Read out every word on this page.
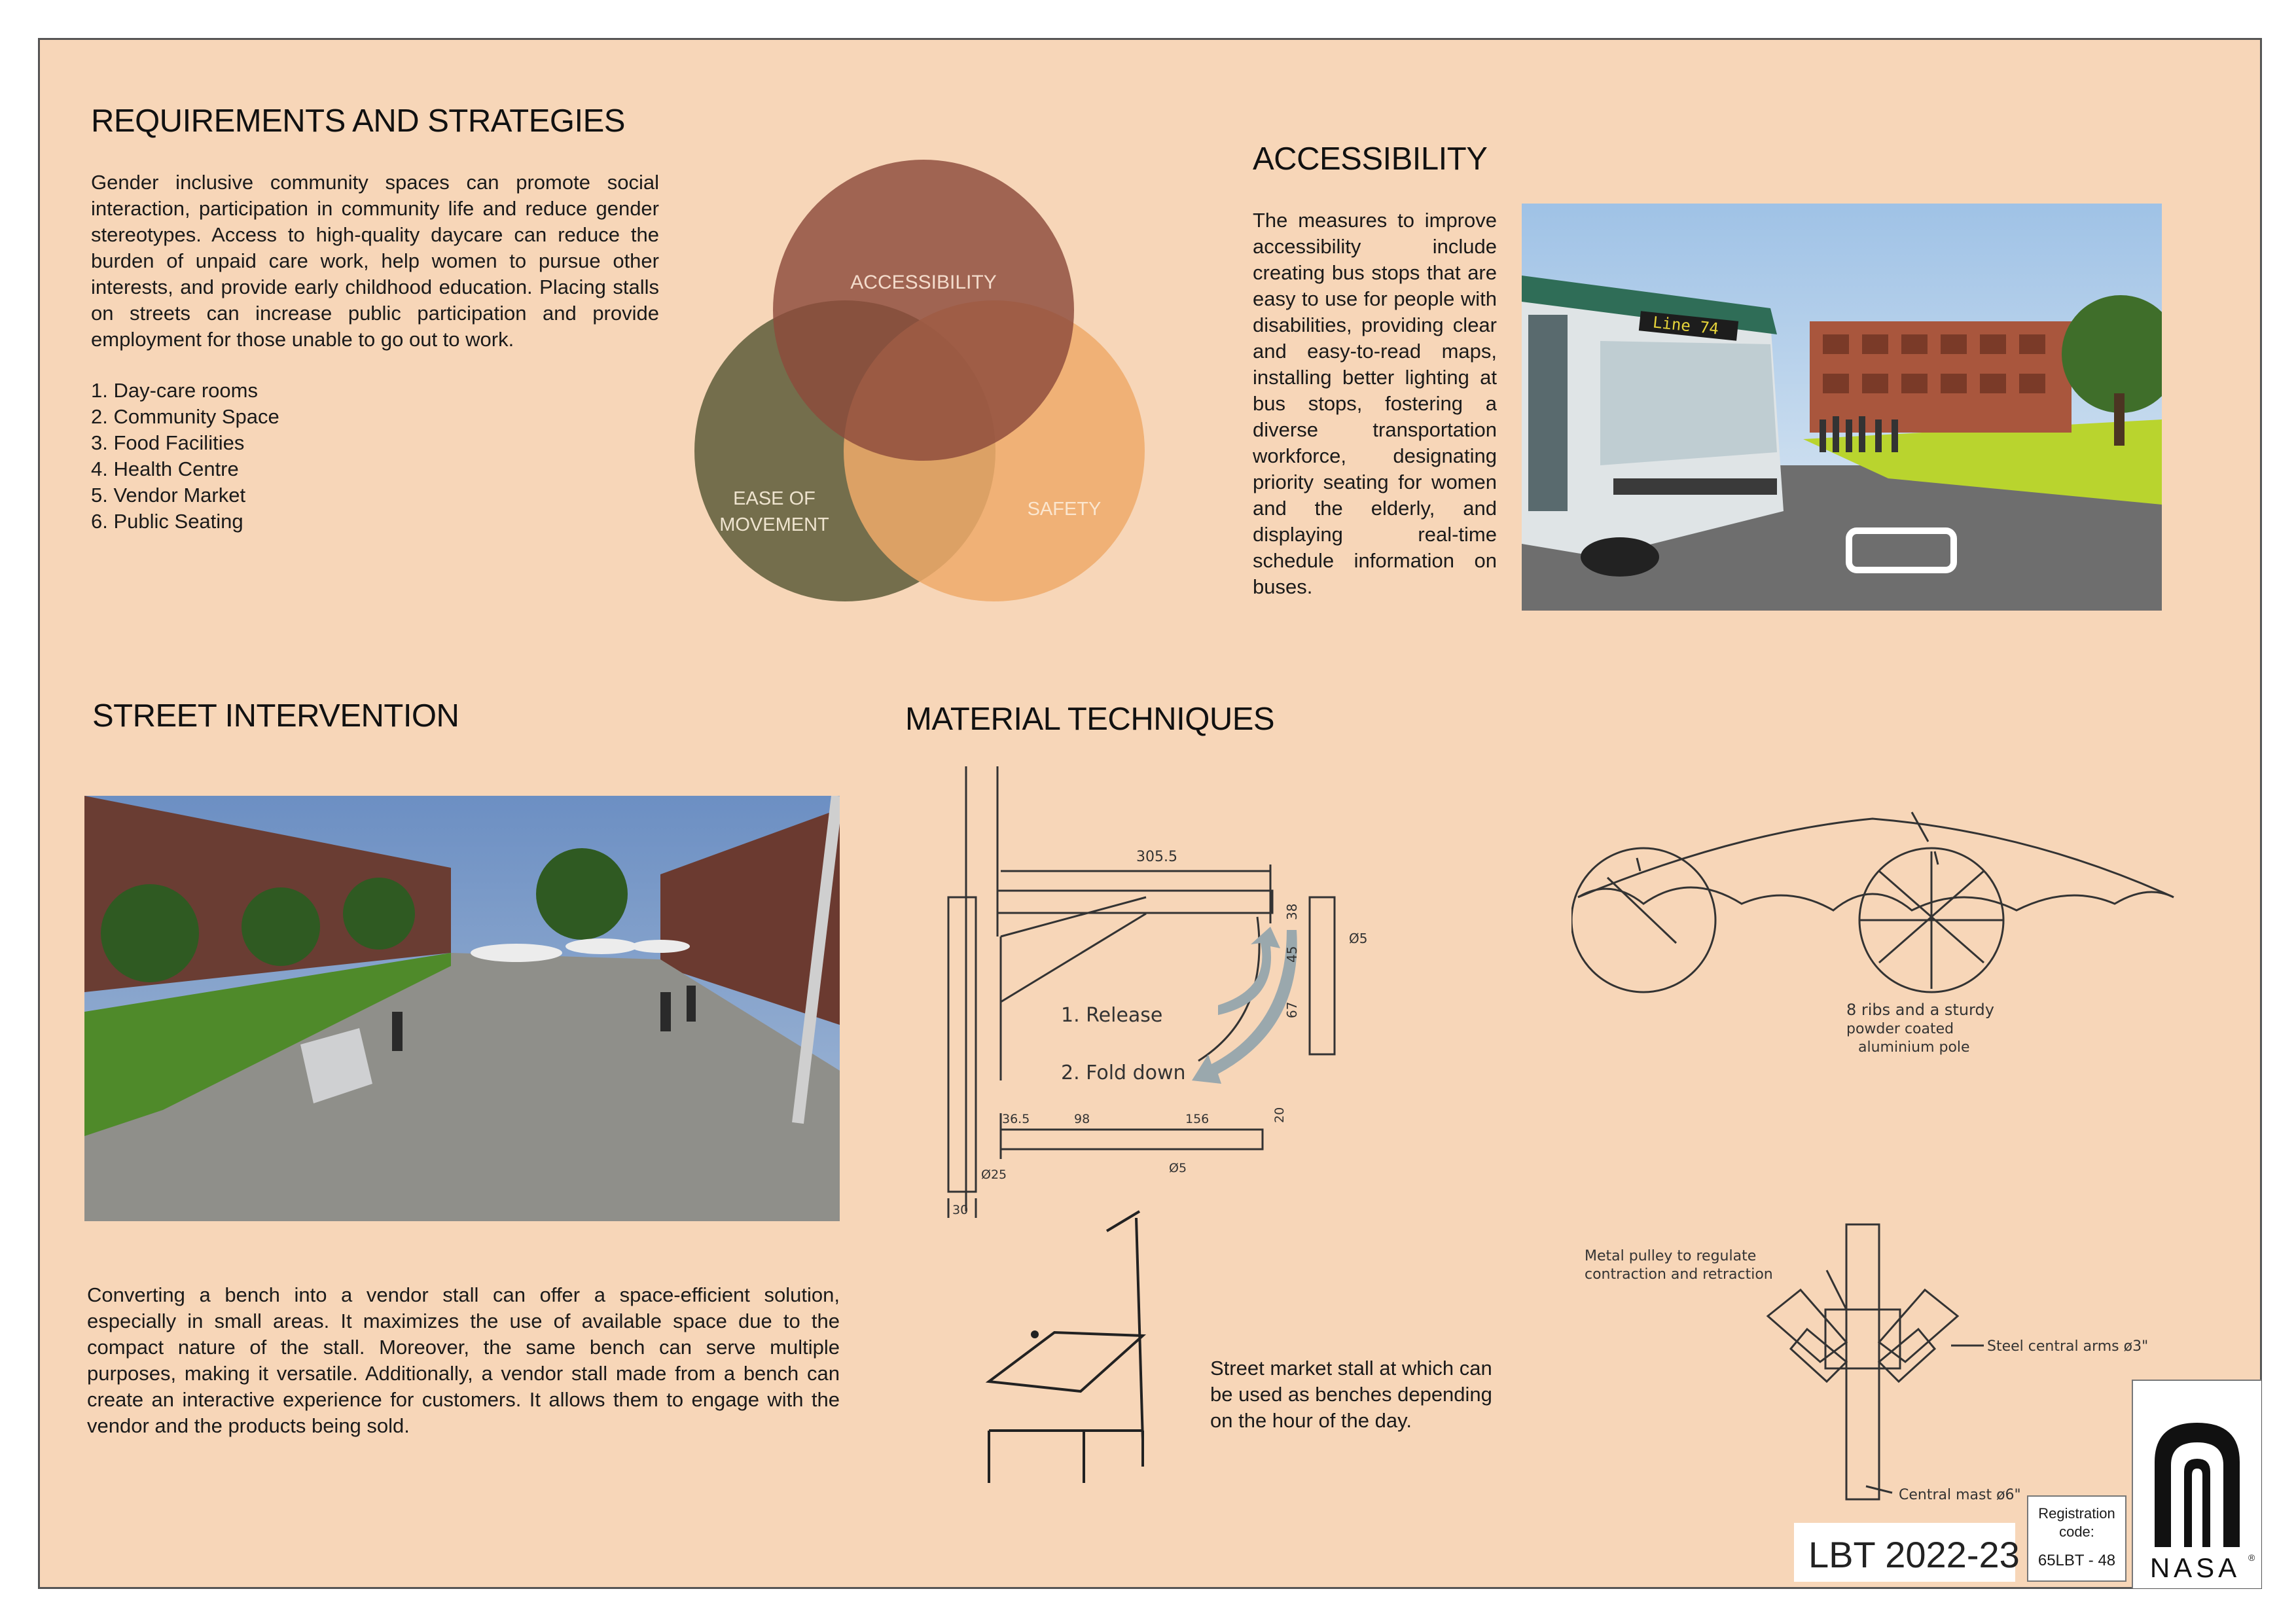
REQUIREMENTS AND STRATEGIES

Gender inclusive community spaces can promote social interaction, participation in community life and reduce gender stereotypes. Access to high-quality daycare can reduce the burden of unpaid care work, help women to pursue other interests, and provide early childhood education. Placing stalls on streets can increase public participation and provide employment for those unable to go out to work.

1. Day-care rooms
2. Community Space
3. Food Facilities
4. Health Centre
5. Vendor Market
6. Public Seating
ACCESSIBILITY
EASE OF
MOVEMENT
SAFETY
ACCESSIBILITY

The measures to improve accessibility include creating bus stops that are easy to use for people with disabilities, providing clear and easy-to-read maps, installing better lighting at bus stops, fostering a diverse transportation workforce, designating priority seating for women and the elderly, and displaying real-time schedule information on buses.

Line 74
STREET INTERVENTION

Converting a bench into a vendor stall can offer a space-efficient solution, especially in small areas. It maximizes the use of available space due to the compact nature of the stall. Moreover, the same bench can serve multiple purposes, making it versatile. Additionally, a vendor stall made from a bench can create an interactive experience for customers. It allows them to engage with the vendor and the products being sold.

MATERIAL TECHNIQUES
305.5
38
45
67
Ø5
1. Release
2. Fold down
36.5	98	156	20
Ø5
Ø25
30
8 ribs and a sturdy
powder coated
aluminium pole

Street market stall at which can be used as benches depending on the hour of the day.

Metal pulley to regulate
contraction and retraction
Steel central arms ø3"
Central mast ø6"
LBT 2022-23
Registration code:
65LBT - 48	NASA ®
